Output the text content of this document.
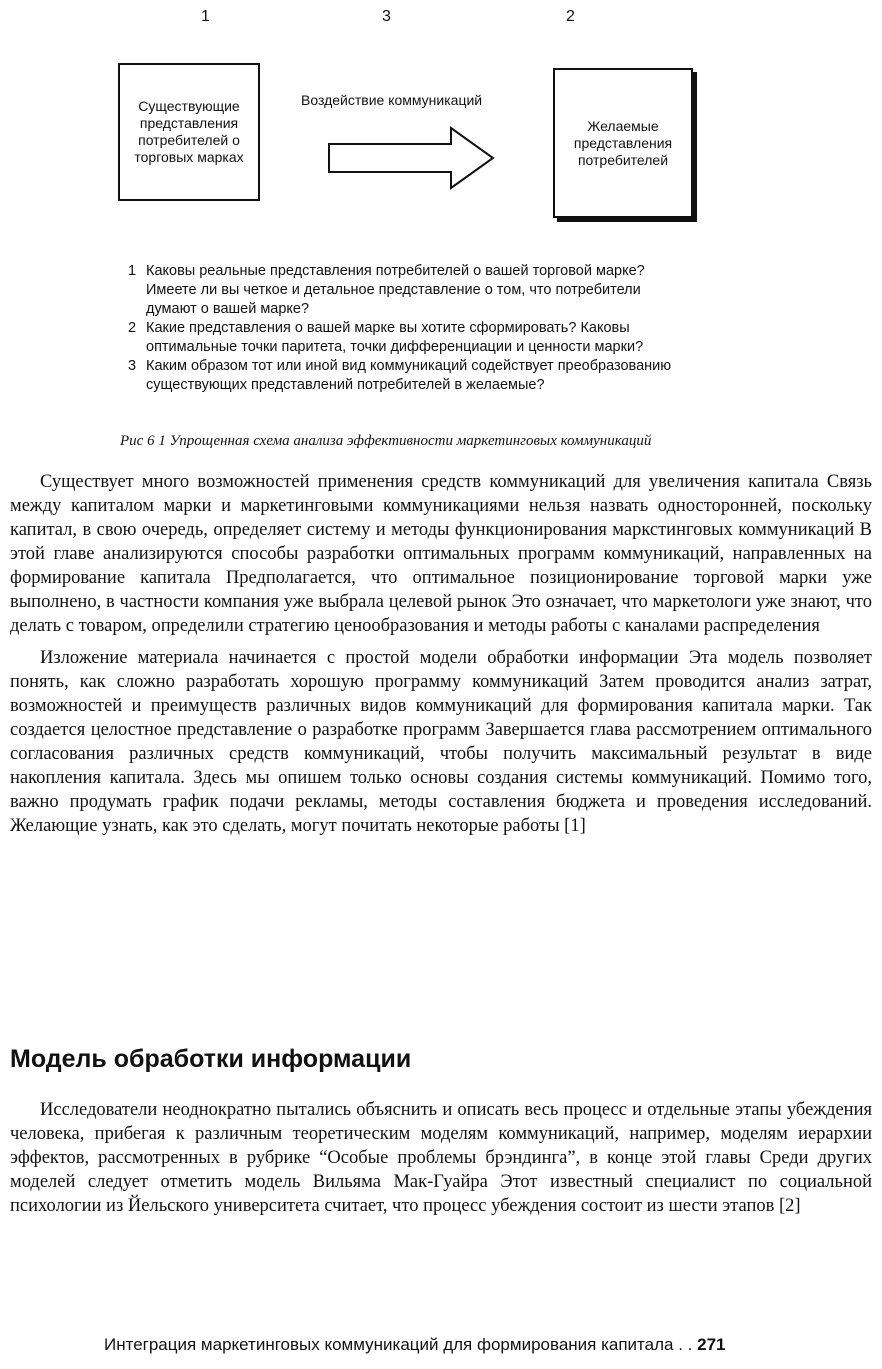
1	3	2
Существующие
представления
потребителей о
торговых марках
Воздействие коммуникаций
Желаемые
представления
потребителей
1 Каковы реальные представления потребителей о вашей торговой марке?
Имеете ли вы четкое и детальное представление о том, что потребители
думают о вашей марке?
2 Какие представления о вашей марке вы хотите сформировать? Каковы
оптимальные точки паритета, точки дифференциации и ценности марки?
3 Каким образом тот или иной вид коммуникаций содействует преобразованию
существующих представлений потребителей в желаемые?
Рис 6 1 Упрощенная схема анализа эффективности маркетинговых коммуникаций

Существует много возможностей применения средств коммуникаций для увеличения капитала Связь между капиталом марки и маркетинговыми коммуникациями нельзя назвать односторонней, поскольку капитал, в свою очередь, определяет систему и методы функционирования маркстинговых коммуникаций В этой главе анализируются способы разработки оптимальных программ коммуникаций, направленных на формирование капитала Предполагается, что оптимальное позиционирование торговой марки уже выполнено, в частности компания уже выбрала целевой рынок Это означает, что маркетологи уже знают, что делать с товаром, определили стратегию ценообразования и методы работы с каналами распределения

Изложение материала начинается с простой модели обработки информации Эта модель позволяет понять, как сложно разработать хорошую программу коммуникаций Затем проводится анализ затрат, возможностей и преимуществ различных видов коммуникаций для формирования капитала марки. Так создается целостное представление о разработке программ Завершается глава рассмотрением оптимального согласования различных средств коммуникаций, чтобы получить максимальный результат в виде накопления капитала. Здесь мы опишем только основы создания системы коммуникаций. Помимо того, важно продумать график подачи рекламы, методы составления бюджета и проведения исследований. Желающие узнать, как это сделать, могут почитать некоторые работы [1]

Модель обработки информации

Исследователи неоднократно пытались объяснить и описать весь процесс и отдельные этапы убеждения человека, прибегая к различным теоретическим моделям коммуникаций, например, моделям иерархии эффектов, рассмотренных в рубрике “Особые проблемы брэндинга”, в конце этой главы Среди других моделей следует отметить модель Вильяма Мак-Гуайра Этот известный специалист по социальной психологии из Йельского университета считает, что процесс убеждения состоит из шести этапов [2]

Интеграция маркетинговых коммуникаций для формирования капитала . . 271
